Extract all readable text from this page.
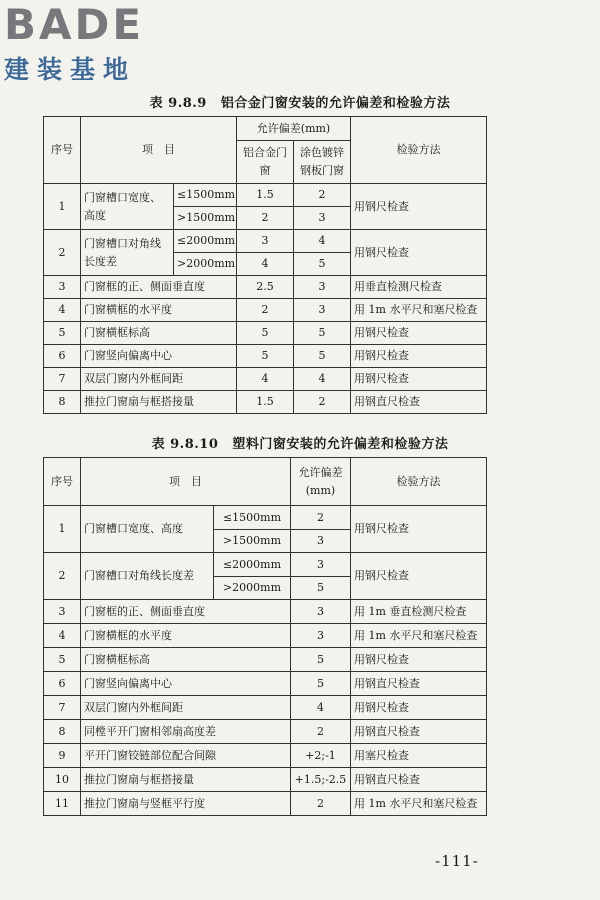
BADE
建装基地
表 9.8.9 铝合金门窗安装的允许偏差和检验方法
序号	项　目		允许偏差(mm)		检验方法
			铝合金门窗	涂色镀锌钢板门窗	
1	门窗槽口宽度、高度	≤1500mm	1.5	2	用钢尺检查
		>1500mm	2	3	
2	门窗槽口对角线长度差	≤2000mm	3	4	用钢尺检查
		>2000mm	4	5	
3	门窗框的正、侧面垂直度		2.5	3	用垂直检测尺检查
4	门窗横框的水平度		2	3	用 1m 水平尺和塞尺检查
5	门窗横框标高		5	5	用钢尺检查
6	门窗竖向偏离中心		5	5	用钢尺检查
7	双层门窗内外框间距		4	4	用钢尺检查
8	推拉门窗扇与框搭接量		1.5	2	用钢直尺检查
表 9.8.10 塑料门窗安装的允许偏差和检验方法
序号	项　目		允许偏差(mm)	检验方法
1	门窗槽口宽度、高度	≤1500mm	2	用钢尺检查
		>1500mm	3	
2	门窗槽口对角线长度差	≤2000mm	3	用钢尺检查
		>2000mm	5	
3	门窗框的正、侧面垂直度		3	用 1m 垂直检测尺检查
4	门窗横框的水平度		3	用 1m 水平尺和塞尺检查
5	门窗横框标高		5	用钢尺检查
6	门窗竖向偏离中心		5	用钢直尺检查
7	双层门窗内外框间距		4	用钢尺检查
8	同樘平开门窗相邻扇高度差		2	用钢直尺检查
9	平开门窗铰链部位配合间隙		+2;-1	用塞尺检查
10	推拉门窗扇与框搭接量		+1.5;-2.5	用钢直尺检查
11	推拉门窗扇与竖框平行度		2	用 1m 水平尺和塞尺检查
-111-
